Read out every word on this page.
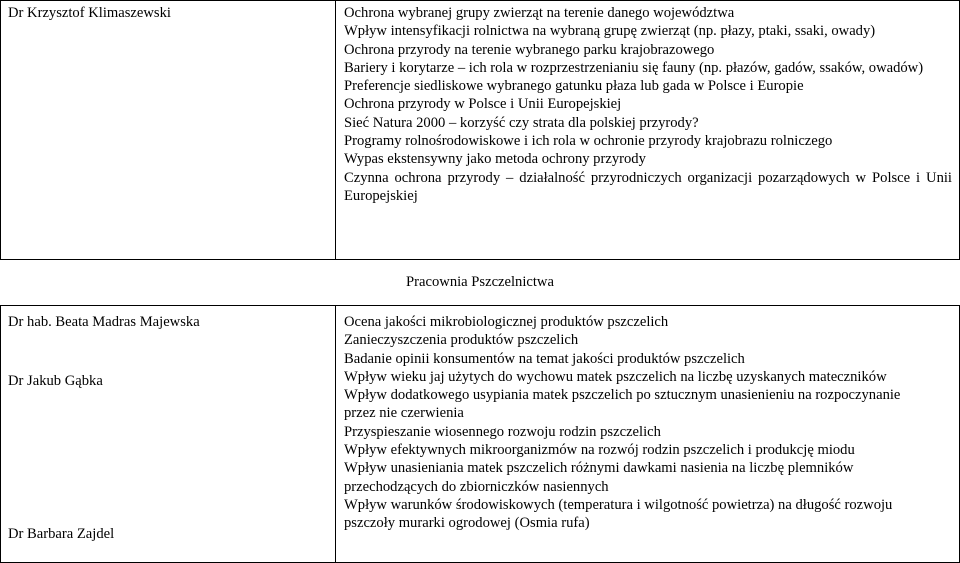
Dr Krzysztof Klimaszewski	Ochrona wybranej grupy zwierząt na terenie danego województwa
Wpływ intensyfikacji rolnictwa na wybraną grupę zwierząt (np. płazy, ptaki, ssaki, owady)
Ochrona przyrody na terenie wybranego parku krajobrazowego
Bariery i korytarze – ich rola w rozprzestrzenianiu się fauny (np. płazów, gadów, ssaków, owadów)
Preferencje siedliskowe wybranego gatunku płaza lub gada w Polsce i Europie
Ochrona przyrody w Polsce i Unii Europejskiej
Sieć Natura 2000 – korzyść czy strata dla polskiej przyrody?
Programy rolnośrodowiskowe i ich rola w ochronie przyrody krajobrazu rolniczego
Wypas ekstensywny jako metoda ochrony przyrody
Czynna ochrona przyrody – działalność przyrodniczych organizacji pozarządowych w Polsce i Unii Europejskiej
Pracownia Pszczelnictwa
Dr hab. Beata Madras Majewska
Dr Jakub Gąbka
Dr Barbara Zajdel
Ocena jakości mikrobiologicznej produktów pszczelich
Zanieczyszczenia produktów pszczelich
Badanie opinii konsumentów na temat jakości produktów pszczelich
Wpływ wieku jaj użytych do wychowu matek pszczelich na liczbę uzyskanych mateczników
Wpływ dodatkowego usypiania matek pszczelich po sztucznym unasienieniu na rozpoczynanie przez nie czerwienia
Przyspieszanie wiosennego rozwoju rodzin pszczelich
Wpływ efektywnych mikroorganizmów na rozwój rodzin pszczelich i produkcję miodu
Wpływ unasieniania matek pszczelich różnymi dawkami nasienia na liczbę plemników przechodzących do zbiorniczków nasiennych
Wpływ warunków środowiskowych (temperatura i wilgotność powietrza) na długość rozwoju pszczoły murarki ogrodowej (Osmia rufa)
